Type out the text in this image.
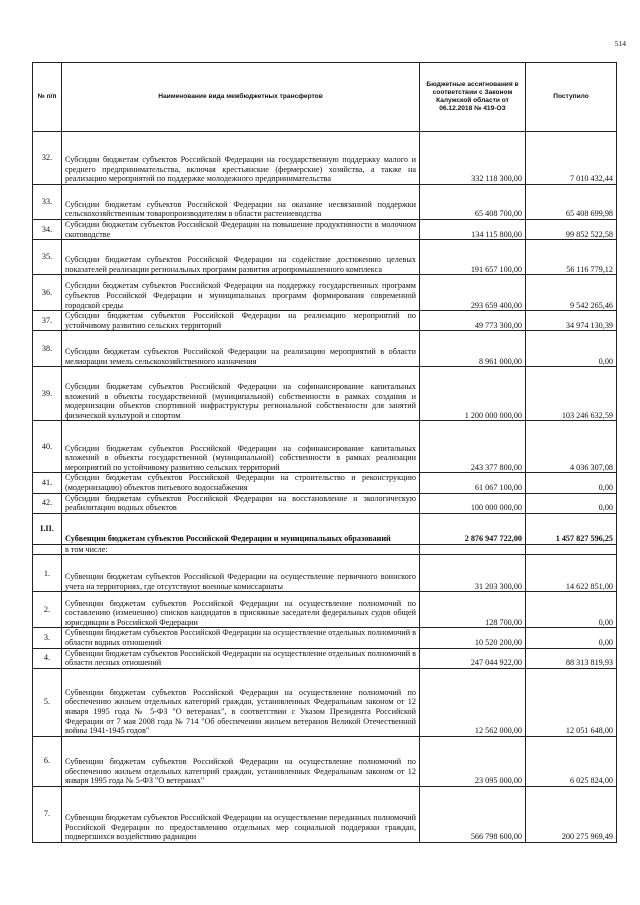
514
№ п/п	Наименование вида межбюджетных трансфертов	Бюджетные ассигнования в соответствии с Законом Калужской области от 06.12.2018 № 419-ОЗ	Поступило
32.	Субсидии бюджетам субъектов Российской Федерации на государственную поддержку малого и среднего предпринимательства, включая крестьянские (фермерские) хозяйства, а также на реализацию мероприятий по поддержке молодежного предпринимательства	332 118 300,00	7 010 432,44
33.	Субсидии бюджетам субъектов Российской Федерации на оказание несвязанной поддержки сельскохозяйственным товаропроизводителям в области растениеводства	65 408 700,00	65 408 699,98
34.	Субсидии бюджетам субъектов Российской Федерации на повышение продуктивности в молочном скотоводстве	134 115 800,00	99 852 522,58
35.	Субсидии бюджетам субъектов Российской Федерации на содействие достижению целевых показателей реализации региональных программ развития агропромышленного комплекса	191 657 100,00	56 116 779,12
36.	Субсидии бюджетам субъектов Российской Федерации на поддержку государственных программ субъектов Российской Федерации и муниципальных программ формирования современной городской среды	293 659 400,00	9 542 265,46
37.	Субсидии бюджетам субъектов Российской Федерации на реализацию мероприятий по устойчивому развитию сельских территорий	49 773 300,00	34 974 130,39
38.	Субсидии бюджетам субъектов Российской Федерации на реализацию мероприятий в области мелиорации земель сельскохозяйственного назначения	8 961 000,00	0,00
39.	Субсидии бюджетам субъектов Российской Федерации на софинансирование капитальных вложений в объекты государственной (муниципальной) собственности в рамках создания и модернизации объектов спортивной инфраструктуры региональной собственности для занятий физической культурой и спортом	1 200 000 000,00	103 246 632,59
40.	Субсидии бюджетам субъектов Российской Федерации на софинансирование капитальных вложений в объекты государственной (муниципальной) собственности в рамках реализации мероприятий по устойчивому развитию сельских территорий	243 377 800,00	4 036 307,08
41.	Субсидии бюджетам субъектов Российской Федерации на строительство и реконструкцию (модернизацию) объектов питьевого водоснабжения	61 067 100,00	0,00
42.	Субсидии бюджетам субъектов Российской Федерации на восстановление и экологическую реабилитацию водных объектов	100 000 000,00	0,00
I.II.	Субвенции бюджетам субъектов Российской Федерации и муниципальных образований	2 876 947 722,00	1 457 827 596,25
	в том числе:		
1.	Субвенции бюджетам субъектов Российской Федерации на осуществление первичного воинского учета на территориях, где отсутствуют военные комиссариаты	31 203 300,00	14 622 851,00
2.	Субвенции бюджетам субъектов Российской Федерации на осуществление полномочий по составлению (изменению) списков кандидатов в присяжные заседатели федеральных судов общей юрисдикции в Российской Федерации	128 700,00	0,00
3.	Субвенции бюджетам субъектов Российской Федерации на осуществление отдельных полномочий в области водных отношений	10 520 200,00	0,00
4.	Субвенции бюджетам субъектов Российской Федерации на осуществление отдельных полномочий в области лесных отношений	247 044 922,00	88 313 819,93
5.	Субвенции бюджетам субъектов Российской Федерации на осуществление полномочий по обеспечению жильем отдельных категорий граждан, установленных Федеральным законом от 12 января 1995 года № 5-ФЗ "О ветеранах", в соответствии с Указом Президента Российской Федерации от 7 мая 2008 года № 714 "Об обеспечении жильем ветеранов Великой Отечественной войны 1941-1945 годов"	12 562 000,00	12 051 648,00
6.	Субвенции бюджетам субъектов Российской Федерации на осуществление полномочий по обеспечению жильем отдельных категорий граждан, установленных Федеральным законом от 12 января 1995 года № 5-ФЗ "О ветеранах"	23 095 000,00	6 025 824,00
7.	Субвенции бюджетам субъектов Российской Федерации на осуществление переданных полномочий Российской Федерации по предоставлению отдельных мер социальной поддержки граждан, подвергшихся воздействию радиации	566 798 600,00	200 275 969,49
